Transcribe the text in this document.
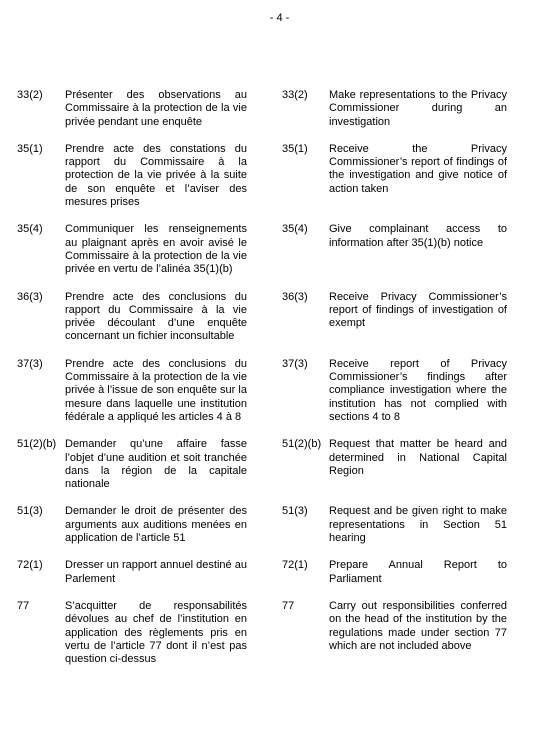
- 4 -
33(2) Présenter des observations au Commissaire à la protection de la vie privée pendant une enquête
33(2) Make representations to the Privacy Commissioner during an investigation
35(1) Prendre acte des constations du rapport du Commissaire à la protection de la vie privée à la suite de son enquête et l’aviser des mesures prises
35(1) Receive the Privacy Commissioner’s report of findings of the investigation and give notice of action taken
35(4) Communiquer les renseignements au plaignant après en avoir avisé le Commissaire à la protection de la vie privée en vertu de l’alinéa 35(1)(b)
35(4) Give complainant access to information after 35(1)(b) notice
36(3) Prendre acte des conclusions du rapport du Commissaire à la vie privée découlant d’une enquête concernant un fichier inconsultable
36(3) Receive Privacy Commissioner’s report of findings of investigation of exempt
37(3) Prendre acte des conclusions du Commissaire à la protection de la vie privée à l’issue de son enquête sur la mesure dans laquelle une institution fédérale a appliqué les articles 4 à 8
37(3) Receive report of Privacy Commissioner’s findings after compliance investigation where the institution has not complied with sections 4 to 8
51(2)(b) Demander qu’une affaire fasse l’objet d’une audition et soit tranchée dans la région de la capitale nationale
51(2)(b) Request that matter be heard and determined in National Capital Region
51(3) Demander le droit de présenter des arguments aux auditions menées en application de l’article 51
51(3) Request and be given right to make representations in Section 51 hearing
72(1) Dresser un rapport annuel destiné au Parlement
72(1) Prepare Annual Report to Parliament
77	S’acquitter de responsabilités dévolues au chef de l’institution en application des règlements pris en vertu de l’article 77 dont il n’est pas question ci-dessus
77	Carry out responsibilities conferred on the head of the institution by the regulations made under section 77 which are not included above
